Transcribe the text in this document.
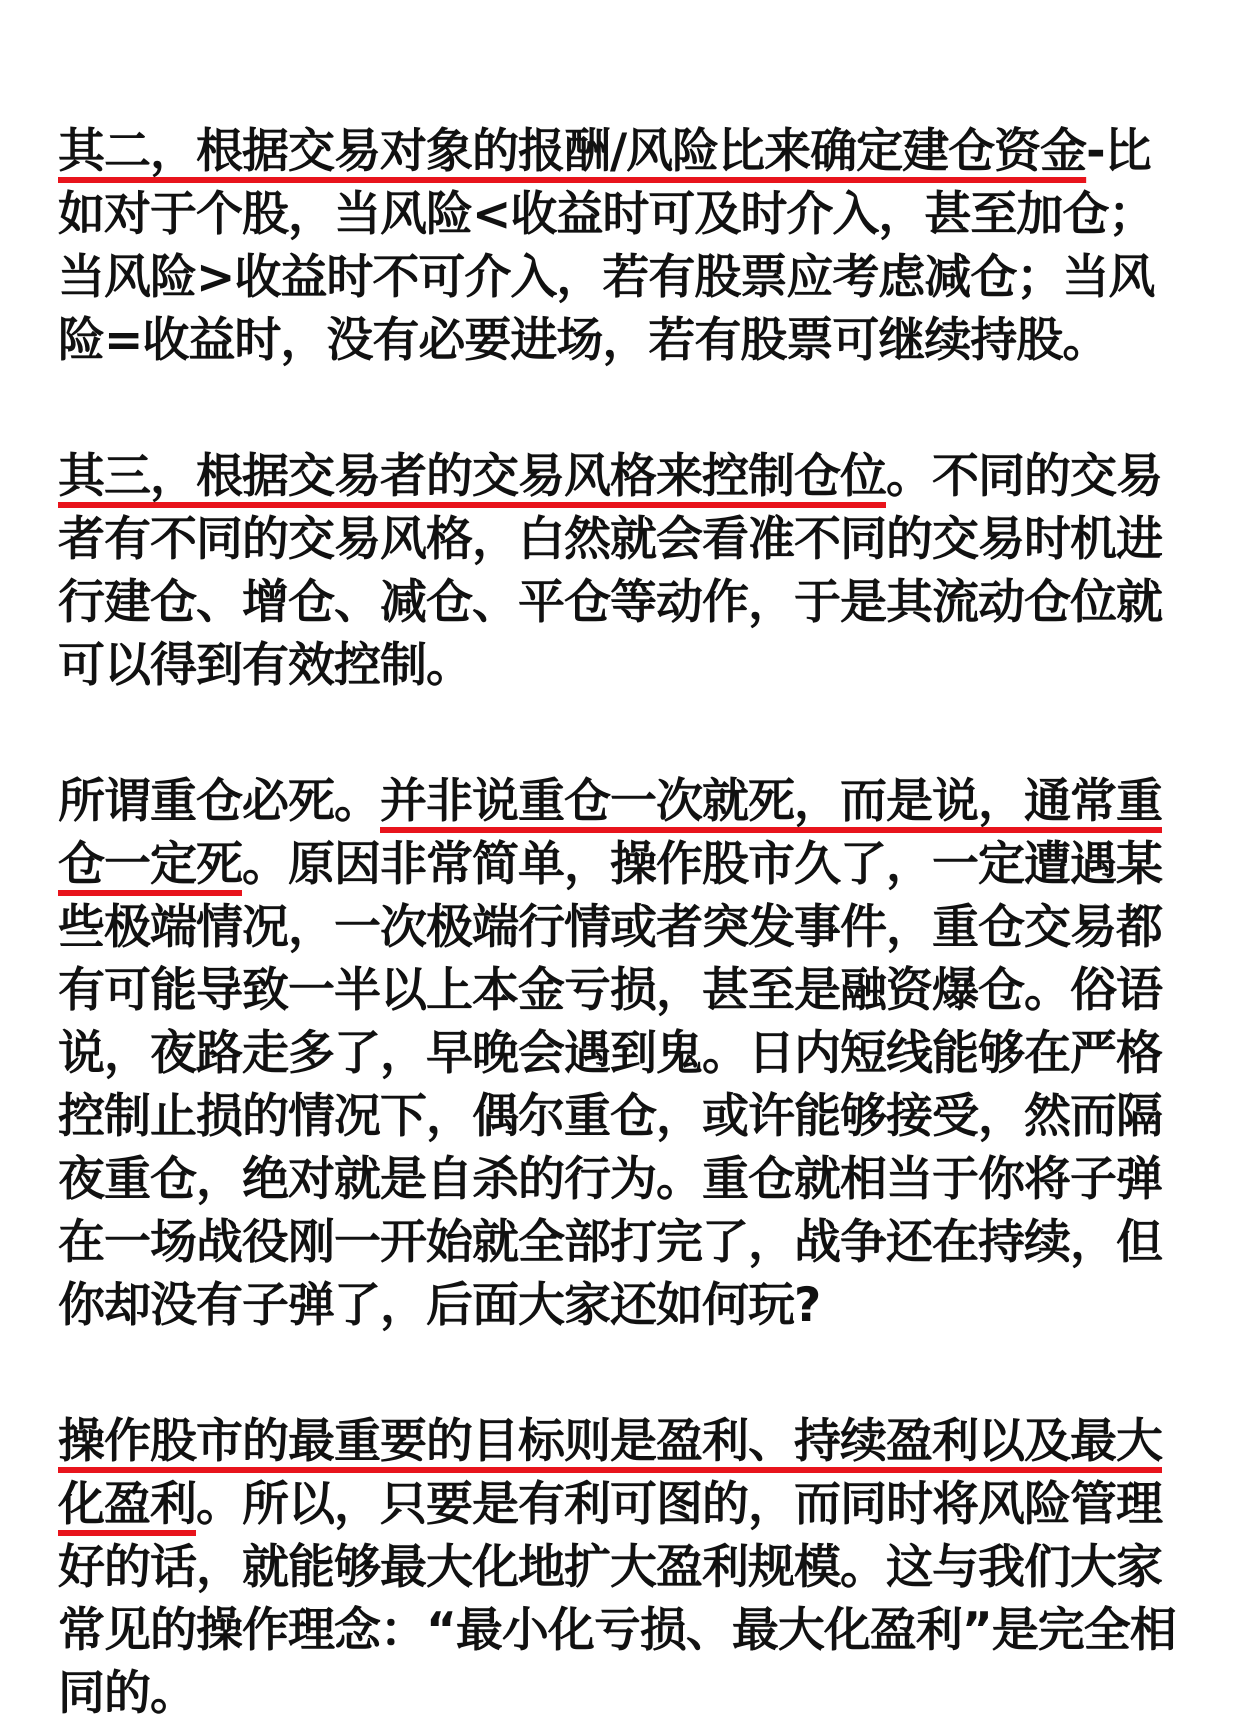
其二，根据交易对象的报酬/风险比来确定建仓资金-比如对于个股，当风险<收益时可及时介入，甚至加仓；当风险>收益时不可介入，若有股票应考虑减仓；当风险=收益时，没有必要进场，若有股票可继续持股。

其三，根据交易者的交易风格来控制仓位。不同的交易者有不同的交易风格，白然就会看准不同的交易时机进行建仓、增仓、减仓、平仓等动作，于是其流动仓位就可以得到有效控制。

所谓重仓必死。并非说重仓一次就死，而是说，通常重仓一定死。原因非常简单，操作股市久了，一定遭遇某些极端情况，一次极端行情或者突发事件，重仓交易都有可能导致一半以上本金亏损，甚至是融资爆仓。俗语说，夜路走多了，早晚会遇到鬼。日内短线能够在严格控制止损的情况下，偶尔重仓，或许能够接受，然而隔夜重仓，绝对就是自杀的行为。重仓就相当于你将子弹在一场战役刚一开始就全部打完了，战争还在持续，但你却没有子弹了，后面大家还如何玩?

操作股市的最重要的目标则是盈利、持续盈利以及最大化盈利。所以，只要是有利可图的，而同时将风险管理好的话，就能够最大化地扩大盈利规模。这与我们大家常见的操作理念：“最小化亏损、最大化盈利”是完全相同的。
